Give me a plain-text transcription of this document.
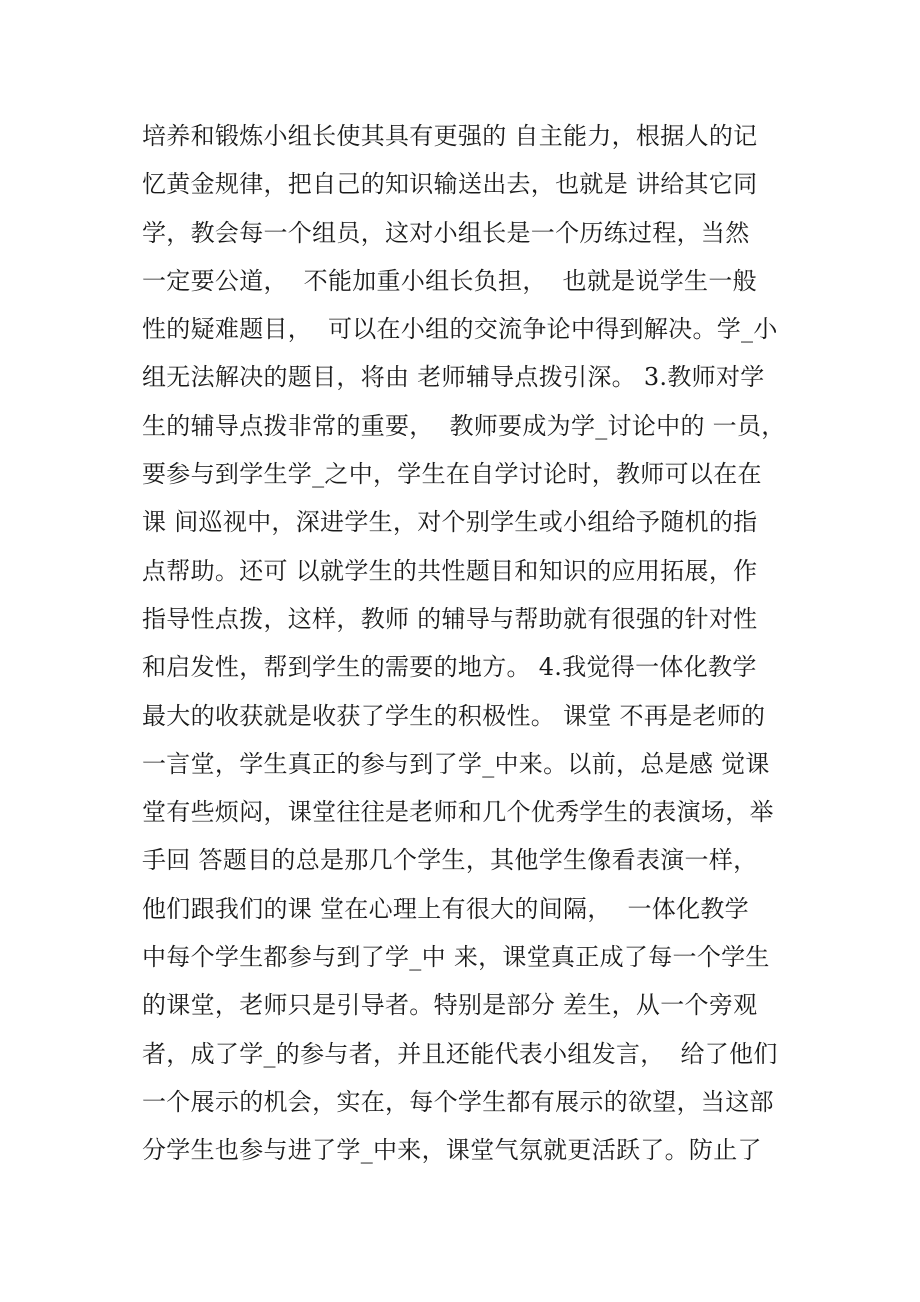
培养和锻炼小组长使其具有更强的 自主能力，根据人的记
忆黄金规律，把自己的知识输送出去，也就是 讲给其它同
学，教会每一个组员，这对小组长是一个历练过程，当然
一定要公道，  不能加重小组长负担，  也就是说学生一般
性的疑难题目，  可以在小组的交流争论中得到解决。学_小
组无法解决的题目，将由 老师辅导点拨引深。 3.教师对学
生的辅导点拨非常的重要，  教师要成为学_讨论中的 一员，
要参与到学生学_之中，学生在自学讨论时，教师可以在在
课 间巡视中，深进学生，对个别学生或小组给予随机的指
点帮助。还可 以就学生的共性题目和知识的应用拓展，作
指导性点拨，这样，教师 的辅导与帮助就有很强的针对性
和启发性，帮到学生的需要的地方。 4.我觉得一体化教学
最大的收获就是收获了学生的积极性。 课堂 不再是老师的
一言堂，学生真正的参与到了学_中来。以前，总是感 觉课
堂有些烦闷，课堂往往是老师和几个优秀学生的表演场，举
手回 答题目的总是那几个学生，其他学生像看表演一样，
他们跟我们的课 堂在心理上有很大的间隔，  一体化教学
中每个学生都参与到了学_中 来，课堂真正成了每一个学生
的课堂，老师只是引导者。特别是部分 差生，从一个旁观
者，成了学_的参与者，并且还能代表小组发言，  给了他们
一个展示的机会，实在，每个学生都有展示的欲望，当这部
分学生也参与进了学_中来，课堂气氛就更活跃了。防止了
